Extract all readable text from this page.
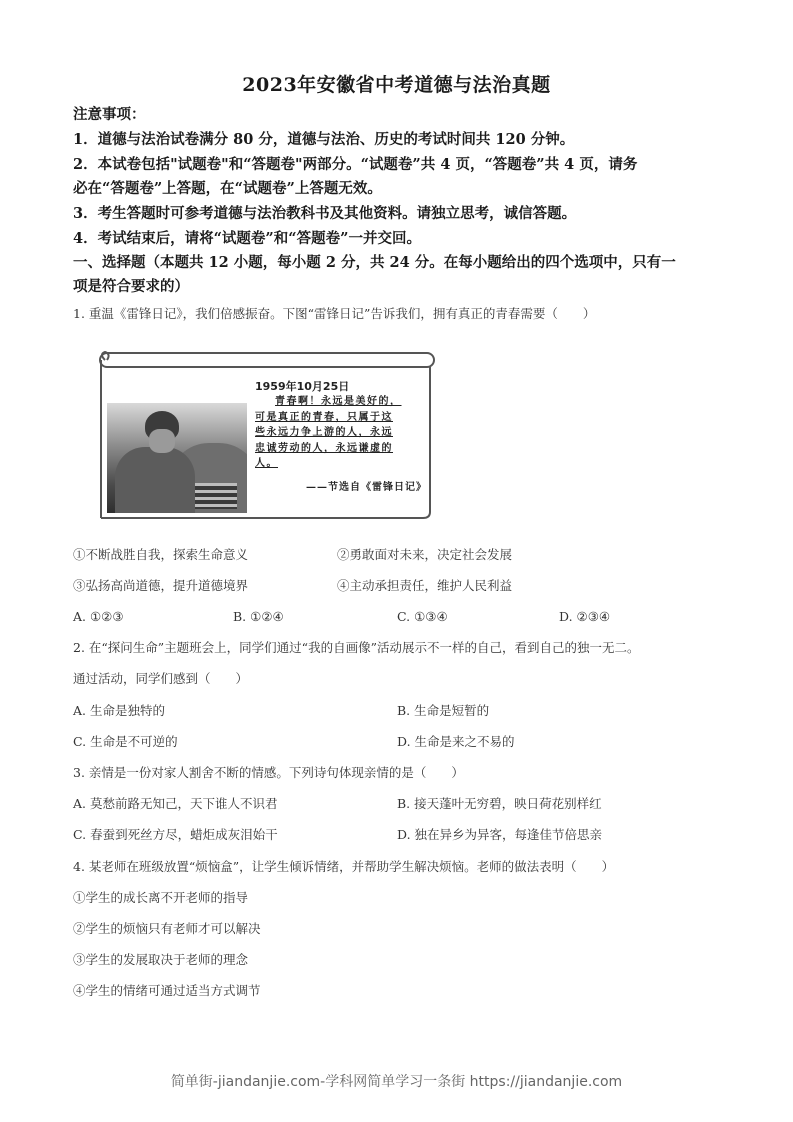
2023年安徽省中考道德与法治真题
注意事项：
1．道德与法治试卷满分 80 分，道德与法治、历史的考试时间共 120 分钟。
2．本试卷包括"试题卷"和“答题卷"两部分。“试题卷”共 4 页，“答题卷”共 4 页，请务
必在“答题卷”上答题，在“试题卷”上答题无效。
3．考生答题时可参考道德与法治教科书及其他资料。请独立思考，诚信答题。
4．考试结束后，请将“试题卷”和“答题卷”一并交回。
一、选择题（本题共 12 小题，每小题 2 分，共 24 分。在每小题给出的四个选项中，只有一
项是符合要求的）
1. 重温《雷锋日记》，我们倍感振奋。下图“雷锋日记”告诉我们，拥有真正的青春需要（　　）
1959年10月25日
青春啊！永远是美好的，
可是真正的青春，只属于这
些永远力争上游的人，永远
忠诚劳动的人，永远谦虚的
人。
——节选自《雷锋日记》
①不断战胜自我，探索生命意义	②勇敢面对未来，决定社会发展
③弘扬高尚道德，提升道德境界	④主动承担责任，维护人民利益
A. ①②③	B. ①②④	C. ①③④	D. ②③④
2. 在“探问生命”主题班会上，同学们通过“我的自画像”活动展示不一样的自己，看到自己的独一无二。
通过活动，同学们感到（　　）
A. 生命是独特的	B. 生命是短暂的
C. 生命是不可逆的	D. 生命是来之不易的
3. 亲情是一份对家人割舍不断的情感。下列诗句体现亲情的是（　　）
A. 莫愁前路无知己，天下谁人不识君	B. 接天蓬叶无穷碧，映日荷花别样红
C. 春蚕到死丝方尽，蜡炬成灰泪始干	D. 独在异乡为异客，每逢佳节倍思亲
4. 某老师在班级放置“烦恼盒”，让学生倾诉情绪，并帮助学生解决烦恼。老师的做法表明（　　）
①学生的成长离不开老师的指导
②学生的烦恼只有老师才可以解决
③学生的发展取决于老师的理念
④学生的情绪可通过适当方式调节
简单街-jiandanjie.com-学科网简单学习一条街 https://jiandanjie.com
